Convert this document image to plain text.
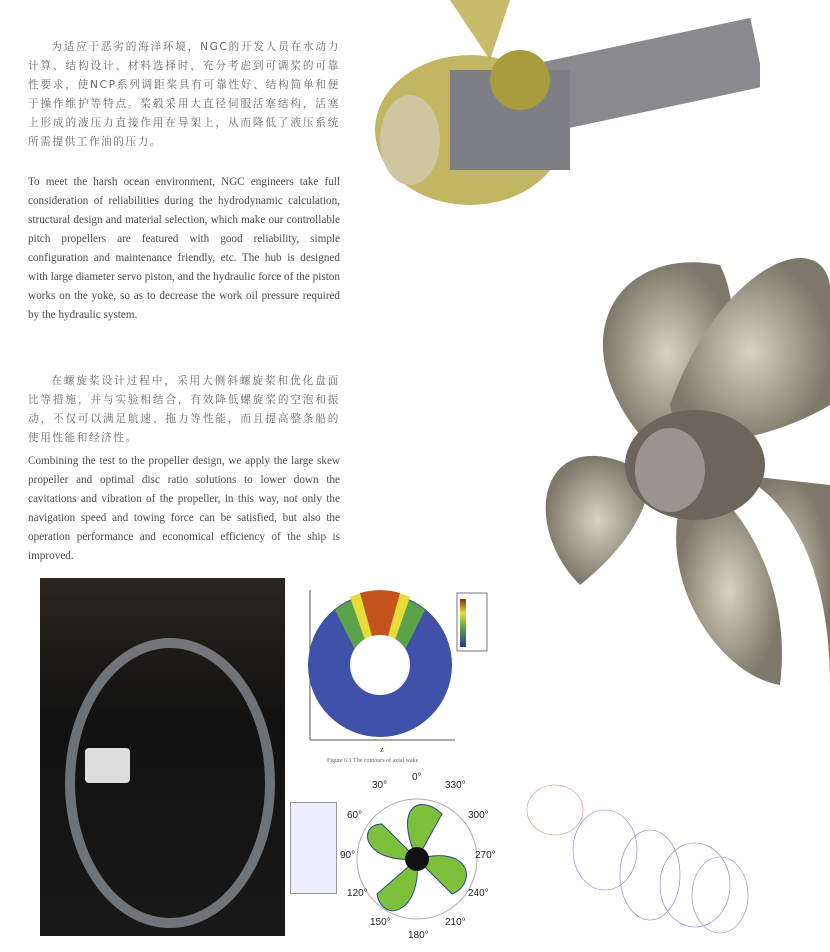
为适应于恶劣的海洋环境，NGC的开发人员在水动力计算、结构设计、材料选择时，充分考虑到可调桨的可靠性要求，使NCP系列调距桨具有可靠性好、结构简单和便于操作维护等特点。桨毂采用大直径伺服活塞结构，活塞上形成的液压力直接作用在导架上，从而降低了液压系统所需提供工作油的压力。

To meet the harsh ocean environment, NGC engineers take full consideration of reliabilities during the hydrodynamic calculation, structural design and material selection, which make our controllable pitch propellers are featured with good reliability, simple configuration and maintenance friendly, etc. The hub is designed with large diameter servo piston, and the hydraulic force of the piston works on the yoke, so as to decrease the work oil pressure required by the hydraulic system.

在螺旋桨设计过程中，采用大侧斜螺旋桨和优化盘面比等措施，并与实验相结合，有效降低螺旋桨的空泡和振动，不仅可以满足航速、拖力等性能，而且提高整条船的使用性能和经济性。

Combining the test to the propeller design, we apply the large skew propeller and optimal disc ratio solutions to lower down the cavitations and vibration of the propeller, in this way, not only the navigation speed and towing force can be satisfied, but also the operation performance and economical efficiency of the ship is improved.

z
Figure 6.1 The contours of axial wake
0°
330°
300°
270°
240°
210°
180°
150°
120°
90°
60°
30°
